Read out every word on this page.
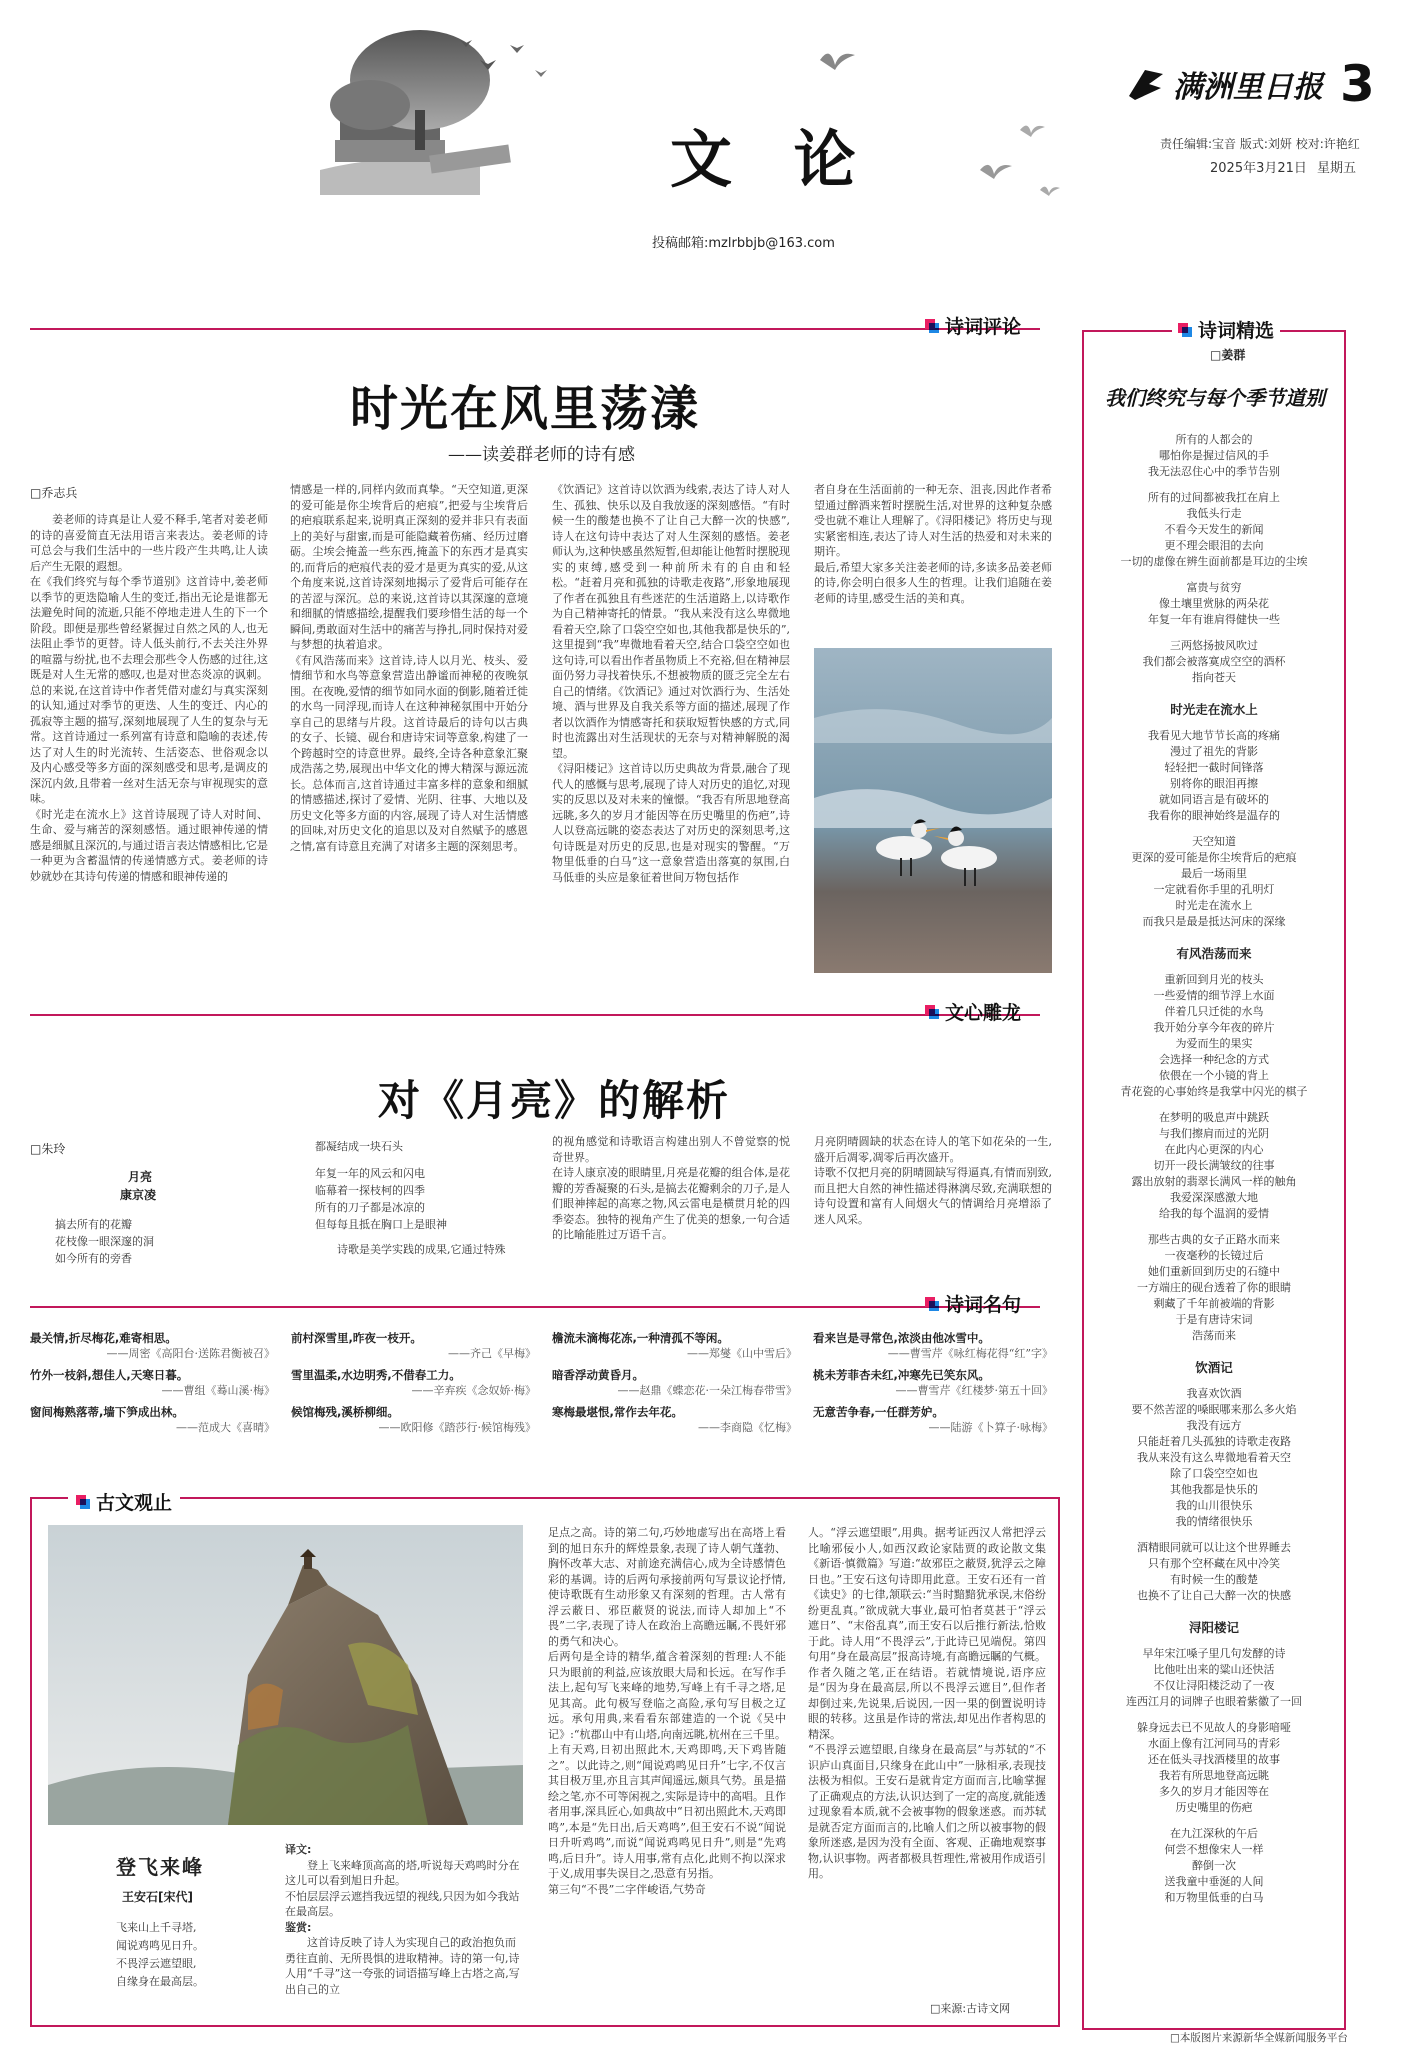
文 论
投稿邮箱:mzlrbbjb@163.com
满洲里日报 3
责任编辑:宝音 版式:刘妍 校对:许艳红
2025年3月21日 星期五
诗词评论
时光在风里荡漾
——读姜群老师的诗有感
□乔志兵
姜老师的诗真是让人爱不释手,笔者对姜老师的诗的喜爱简直无法用语言来表达。姜老师的诗可总会与我们生活中的一些片段产生共鸣,让人读后产生无限的遐想。
在《我们终究与每个季节道别》这首诗中,姜老师以季节的更迭隐喻人生的变迁,指出无论是谁都无法避免时间的流逝,只能不停地走进人生的下一个阶段。即便是那些曾经紧握过自然之风的人,也无法阻止季节的更替。诗人低头前行,不去关注外界的喧嚣与纷扰,也不去理会那些令人伤感的过往,这既是对人生无常的感叹,也是对世态炎凉的讽刺。总的来说,在这首诗中作者凭借对虚幻与真实深刻的认知,通过对季节的更迭、人生的变迁、内心的孤寂等主题的描写,深刻地展现了人生的复杂与无常。这首诗通过一系列富有诗意和隐喻的表述,传达了对人生的时光流转、生活姿态、世俗观念以及内心感受等多方面的深刻感受和思考,是调皮的深沉内敛,且带着一丝对生活无奈与审视现实的意味。
《时光走在流水上》这首诗展现了诗人对时间、生命、爱与痛苦的深刻感悟。通过眼神传递的情感是细腻且深沉的,与通过语言表达情感相比,它是一种更为含蓄温情的传递情感方式。姜老师的诗妙就妙在其诗句传递的情感和眼神传递的
情感是一样的,同样内敛而真挚。“天空知道,更深的爱可能是你尘埃背后的疤痕”,把爱与尘埃背后的疤痕联系起来,说明真正深刻的爱并非只有表面上的美好与甜蜜,而是可能隐藏着伤痛、经历过磨砺。尘埃会掩盖一些东西,掩盖下的东西才是真实的,而背后的疤痕代表的爱才是更为真实的爱,从这个角度来说,这首诗深刻地揭示了爱背后可能存在的苦涩与深沉。总的来说,这首诗以其深邃的意境和细腻的情感描绘,提醒我们要珍惜生活的每一个瞬间,勇敢面对生活中的痛苦与挣扎,同时保持对爱与梦想的执着追求。
《有风浩荡而来》这首诗,诗人以月光、枝头、爱情细节和水鸟等意象营造出静谧而神秘的夜晚氛围。在夜晚,爱情的细节如同水面的倒影,随着迁徙的水鸟一同浮现,而诗人在这种神秘氛围中开始分享自己的思绪与片段。这首诗最后的诗句以古典的女子、长镜、砚台和唐诗宋词等意象,构建了一个跨越时空的诗意世界。最终,全诗各种意象汇聚成浩荡之势,展现出中华文化的博大精深与源远流长。总体而言,这首诗通过丰富多样的意象和细腻的情感描述,探讨了爱情、光阴、往事、大地以及历史文化等多方面的内容,展现了诗人对生活情感的回味,对历史文化的追思以及对自然赋予的感恩之情,富有诗意且充满了对诸多主题的深刻思考。
《饮酒记》这首诗以饮酒为线索,表达了诗人对人生、孤独、快乐以及自我放逐的深刻感悟。“有时候一生的酸楚也换不了让自己大醉一次的快感”,诗人在这句诗中表达了对人生深刻的感悟。姜老师认为,这种快感虽然短暂,但却能让他暂时摆脱现实的束缚,感受到一种前所未有的自由和轻松。“赶着月亮和孤独的诗歌走夜路”,形象地展现了作者在孤独且有些迷茫的生活道路上,以诗歌作为自己精神寄托的情景。“我从来没有这么卑微地看着天空,除了口袋空空如也,其他我都是快乐的”,这里提到“我”卑微地看着天空,结合口袋空空如也这句诗,可以看出作者虽物质上不充裕,但在精神层面仍努力寻找着快乐,不想被物质的匮乏完全左右自己的情绪。《饮酒记》通过对饮酒行为、生活处境、酒与世界及自我关系等方面的描述,展现了作者以饮酒作为情感寄托和获取短暂快感的方式,同时也流露出对生活现状的无奈与对精神解脱的渴望。
《浔阳楼记》这首诗以历史典故为背景,融合了现代人的感慨与思考,展现了诗人对历史的追忆,对现实的反思以及对未来的憧憬。“我否有所思地登高远眺,多久的岁月才能因等在历史嘴里的伤疤”,诗人以登高远眺的姿态表达了对历史的深刻思考,这句诗既是对历史的反思,也是对现实的警醒。“万物里低垂的白马”这一意象营造出落寞的氛围,白马低垂的头应是象征着世间万物包括作
者自身在生活面前的一种无奈、沮丧,因此作者希望通过醉酒来暂时摆脱生活,对世界的这种复杂感受也就不难让人理解了。《浔阳楼记》将历史与现实紧密相连,表达了诗人对生活的热爱和对未来的期许。
最后,希望大家多关注姜老师的诗,多读多品姜老师的诗,你会明白很多人生的哲理。让我们追随在姜老师的诗里,感受生活的美和真。
文心雕龙
对《月亮》的解析
□朱玲
月亮
康京凌
搞去所有的花瓣
花枝像一眼深邃的洞
如今所有的旁香
都凝结成一块石头
年复一年的风云和闪电
临幕着一探枝柯的四季
所有的刀子都是冰凉的
但每每且抵在胸口上是眼神
诗歌是美学实践的成果,它通过特殊
的视角感觉和诗歌语言构建出别人不曾觉察的悦奇世界。
在诗人康京凌的眼睛里,月亮是花瓣的组合体,是花瓣的芳香凝聚的石头,是搞去花瓣剩余的刀子,是人们眼神摔起的高寒之物,风云雷电是横贯月轮的四季姿态。独特的视角产生了优美的想象,一句合适的比喻能胜过万语千言。
月亮阴晴圆缺的状态在诗人的笔下如花朵的一生,盛开后凋零,凋零后再次盛开。
诗歌不仅把月亮的阴晴圆缺写得逼真,有情而别致,而且把大自然的神性描述得淋漓尽致,充满联想的诗句设置和富有人间烟火气的情调给月亮增添了迷人风采。
诗词名句
最关情,折尽梅花,难寄相思。
——周密《高阳台·送陈君衡被召》
竹外一枝斜,想佳人,天寒日暮。
——曹组《蓦山溪·梅》
窗间梅熟落蒂,墙下笋成出林。
——范成大《喜晴》
前村深雪里,昨夜一枝开。
——齐己《早梅》
雪里温柔,水边明秀,不借春工力。
——辛弃疾《念奴娇·梅》
候馆梅残,溪桥柳细。
——欧阳修《踏莎行·候馆梅残》
檐流未滴梅花冻,一种清孤不等闲。
——郑燮《山中雪后》
暗香浮动黄昏月。
——赵鼎《蝶恋花·一朵江梅春带雪》
寒梅最堪恨,常作去年花。
——李商隐《忆梅》
看来岂是寻常色,浓淡由他冰雪中。
——曹雪芹《咏红梅花得“红”字》
桃未芳菲杏未红,冲寒先已笑东风。
——曹雪芹《红楼梦·第五十回》
无意苦争春,一任群芳妒。
——陆游《卜算子·咏梅》
古文观止
登飞来峰
王安石[宋代]
飞来山上千寻塔,
闻说鸡鸣见日升。
不畏浮云遮望眼,
自缘身在最高层。
译文:
登上飞来峰顶高高的塔,听说每天鸡鸣时分在这儿可以看到旭日升起。
不怕层层浮云遮挡我远望的视线,只因为如今我站在最高层。
鉴赏:
这首诗反映了诗人为实现自己的政治抱负而勇往直前、无所畏惧的进取精神。诗的第一句,诗人用“千寻”这一夸张的词语描写峰上古塔之高,写出自己的立
足点之高。诗的第二句,巧妙地虚写出在高塔上看到的旭日东升的辉煌景象,表现了诗人朝气蓬勃、胸怀改革大志、对前途充满信心,成为全诗感情色彩的基调。诗的后两句承接前两句写景议论抒情,使诗歌既有生动形象又有深刻的哲理。古人常有浮云蔽日、邪臣蔽贤的说法,而诗人却加上“不畏”二字,表现了诗人在政治上高瞻远瞩,不畏奸邪的勇气和决心。
后两句是全诗的精华,蕴含着深刻的哲理:人不能只为眼前的利益,应该放眼大局和长远。在写作手法上,起句写飞来峰的地势,写峰上有千寻之塔,足见其高。此句极写登临之高险,承句写目极之辽远。承句用典,来看看东部建造的一个说《吴中记》:“杭郡山中有山塔,向南远眺,杭州在三千里。上有天鸡,日初出照此木,天鸡即鸣,天下鸡皆随之”。以此诗之,则“闻说鸡鸣见日升”七字,不仅言其目极万里,亦且言其声闻遥远,颇具气势。虽是描绘之笔,亦不可等闲视之,实际是诗中的高唱。且作者用事,深具匠心,如典故中“日初出照此木,天鸡即鸣”,本是“先日出,后天鸡鸣”,但王安石不说“闻说日升听鸡鸣”,而说“闻说鸡鸣见日升”,则是“先鸡鸣,后日升”。诗人用事,常有点化,此则不拘以深求于义,成用事失误目之,恐意有另指。
第三句“不畏”二字伴峻语,气势奇
人。“浮云遮望眼”,用典。据考证西汉人常把浮云比喻邪佞小人,如西汉政论家陆贾的政论散文集《新语·慎微篇》写道:“故邪臣之蔽贤,犹浮云之障日也。”王安石这句诗即用此意。王安石还有一首《读史》的七律,颔联云:“当时黯黯犹承误,末俗纷纷更乱真。”欲成就大事业,最可怕者莫甚于“浮云遮日”、“末俗乱真”,而王安石以后推行新法,恰败于此。诗人用“不畏浮云”,于此诗已见端倪。第四句用“身在最高层”报高诗境,有高瞻远瞩的气概。作者久随之笔,正在结语。若就情境说,语序应是“因为身在最高层,所以不畏浮云遮目”,但作者却倒过来,先说果,后说因,一因一果的倒置说明诗眼的转移。这虽是作诗的常法,却见出作者构思的精深。
“不畏浮云遮望眼,自缘身在最高层”与苏轼的“不识庐山真面目,只缘身在此山中”一脉相承,表现技法极为相似。王安石是就肯定方面而言,比喻掌握了正确观点的方法,认识达到了一定的高度,就能透过现象看本质,就不会被事物的假象迷惑。而苏轼是就否定方面而言的,比喻人们之所以被事物的假象所迷惑,是因为没有全面、客观、正确地观察事物,认识事物。两者都极具哲理性,常被用作成语引用。
□来源:古诗文网
诗词精选
□姜群
我们终究与每个季节道别
所有的人都会的
哪怕你是握过信风的手
我无法忍住心中的季节告别
所有的过间都被我扛在肩上
我低头行走
不看今天发生的新闻
更不理会眼泪的去向
一切的虚像在辨生面前都是耳边的尘埃
富贵与贫穷
像土壤里赏脉的两朵花
年复一年有谁肩得健快一些
三两悠扬披风吹过
我们都会被落寞成空空的酒杯
指向苍天
时光走在流水上
我看见大地节节长高的疼痛
漫过了祖先的背影
轻轻把一截时间锋落
别将你的眼泪再擦
就如同语言是有破坏的
我看你的眼神始终是温存的
天空知道
更深的爱可能是你尘埃背后的疤痕
最后一场雨里
一定就看你手里的孔明灯
时光走在流水上
而我只是最是抵达河床的深缘
有风浩荡而来
重新回到月光的枝头
一些爱情的细节浮上水面
伴着几只迁徙的水鸟
我开始分享今年夜的碎片
为爱而生的果实
会选择一种纪念的方式
依偎在一个小镜的背上
青花瓷的心事始终是我掌中闪光的棋子
在梦明的吸息声中跳跃
与我们擦肩而过的光阴
在此内心更深的内心
切开一段长满皱纹的往事
露出放射的翡翠长满风一样的触角
我爱深深感激大地
给我的每个温润的爱情
那些古典的女子正路水而来
一夜毫秒的长镜过后
她们重新回到历史的石缝中
一方端庄的砚台透着了你的眼睛
剩藏了千年前被端的背影
于是有唐诗宋词
浩荡而来
饮酒记
我喜欢饮酒
要不然苦涩的嗓眠哪来那么多火焰
我没有远方
只能赶着几头孤独的诗歌走夜路
我从来没有这么卑微地看着天空
除了口袋空空如也
其他我都是快乐的
我的山川很快乐
我的情绪很快乐
酒精眼同就可以让这个世界睡去
只有那个空杯藏在风中冷笑
有时候一生的酸楚
也换不了让自己大醉一次的快感
浔阳楼记
早年宋江嗓子里几句发酵的诗
比他吐出来的粱山还快活
不仅让浔阳楼泛动了一夜
连西江月的词牌子也眼着紫徽了一回
躲身远去已不见故人的身影喑哑
水面上像有江河同马的青彩
还在低头寻找酒楼里的故事
我若有所思地登高远眺
多久的岁月才能因等在
历史嘴里的伤疤
在九江深秋的午后
何尝不想像宋人一样
醉倒一次
送我童中垂涎的人间
和万物里低垂的白马
□本版图片来源新华全媒新闻服务平台
